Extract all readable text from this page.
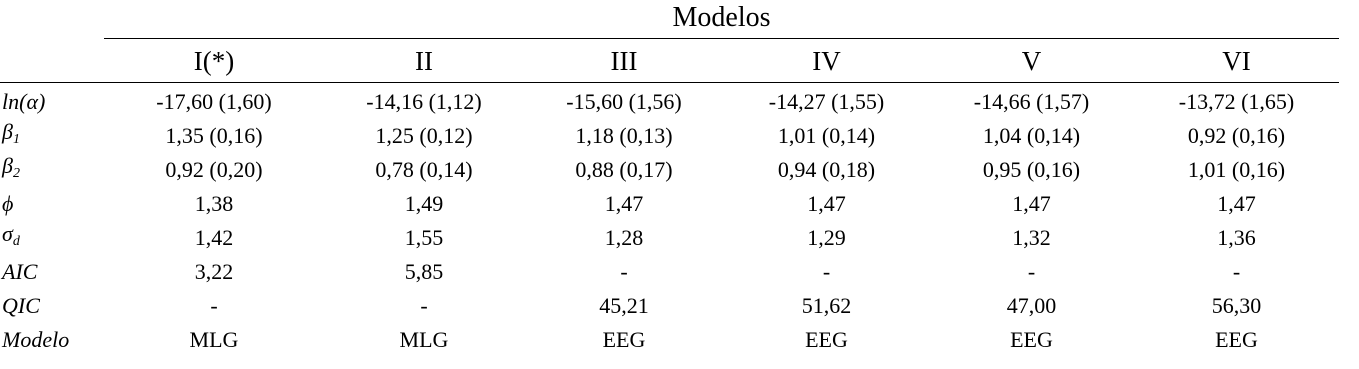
Modelos
I(*)	II	III	IV	V	VI
ln(α)	-17,60 (1,60)	-14,16 (1,12)	-15,60 (1,56)	-14,27 (1,55)	-14,66 (1,57)	-13,72 (1,65)
$\beta_1$	1,35 (0,16)	1,25 (0,12)	1,18 (0,13)	1,01 (0,14)	1,04 (0,14)	0,92 (0,16)
$\beta_2$	0,92 (0,20)	0,78 (0,14)	0,88 (0,17)	0,94 (0,18)	0,95 (0,16)	1,01 (0,16)
ϕ	1,38	1,49	1,47	1,47	1,47	1,47
$\sigma_d$	1,42	1,55	1,28	1,29	1,32	1,36
AIC	3,22	5,85	-	-	-	-
QIC	-	-	45,21	51,62	47,00	56,30
Modelo	MLG	MLG	EEG	EEG	EEG	EEG
